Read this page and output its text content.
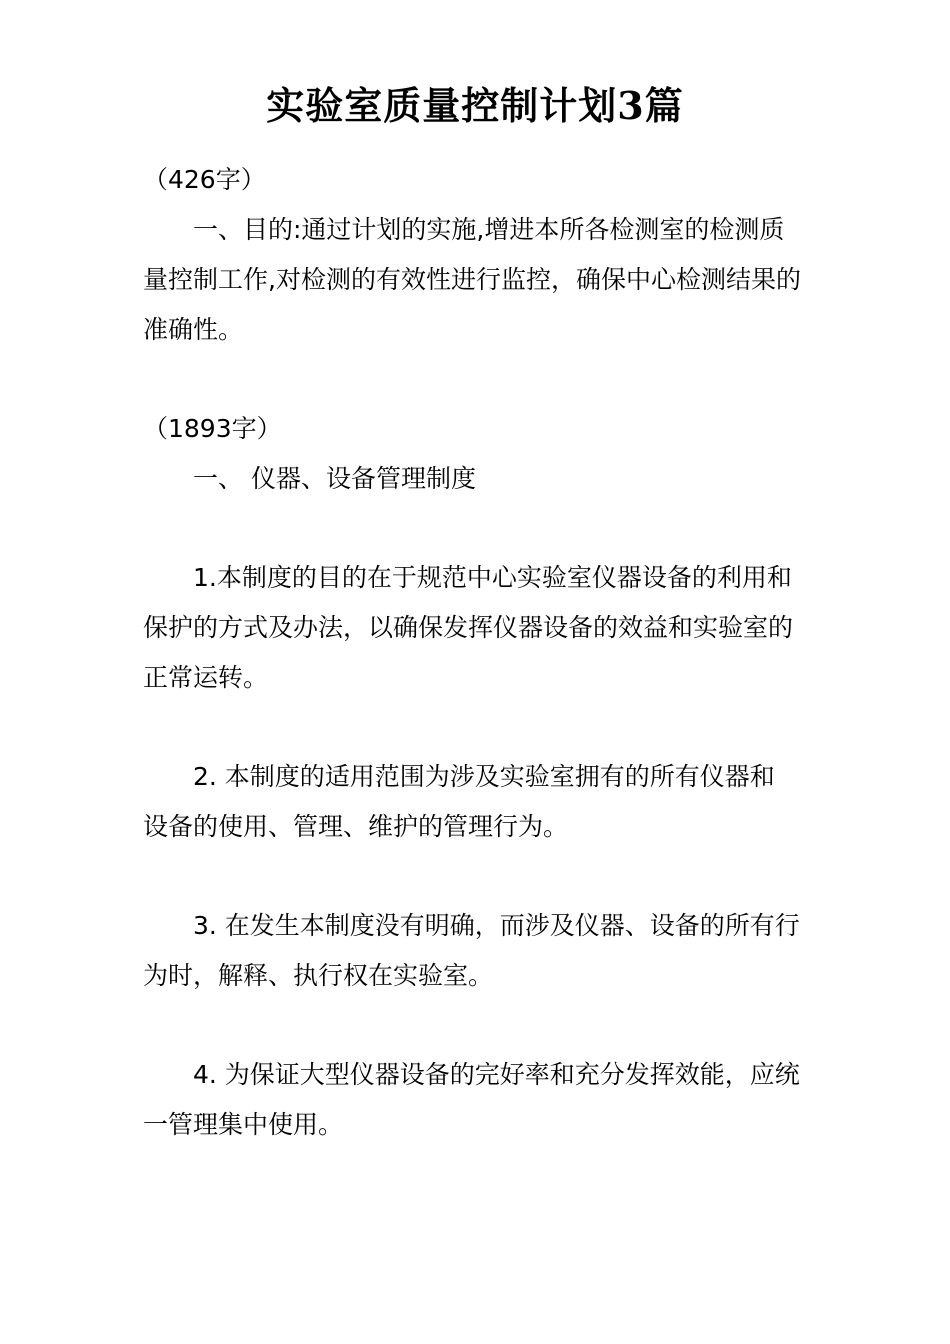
实验室质量控制计划3篇
（426字）
一、目的:通过计划的实施,增进本所各检测室的检测质
量控制工作,对检测的有效性进行监控，确保中心检测结果的
准确性。
（1893字）
一、 仪器、设备管理制度
1.本制度的目的在于规范中心实验室仪器设备的利用和
保护的方式及办法，以确保发挥仪器设备的效益和实验室的
正常运转。
2. 本制度的适用范围为涉及实验室拥有的所有仪器和
设备的使用、管理、维护的管理行为。
3. 在发生本制度没有明确，而涉及仪器、设备的所有行
为时，解释、执行权在实验室。
4. 为保证大型仪器设备的完好率和充分发挥效能，应统
一管理集中使用。
